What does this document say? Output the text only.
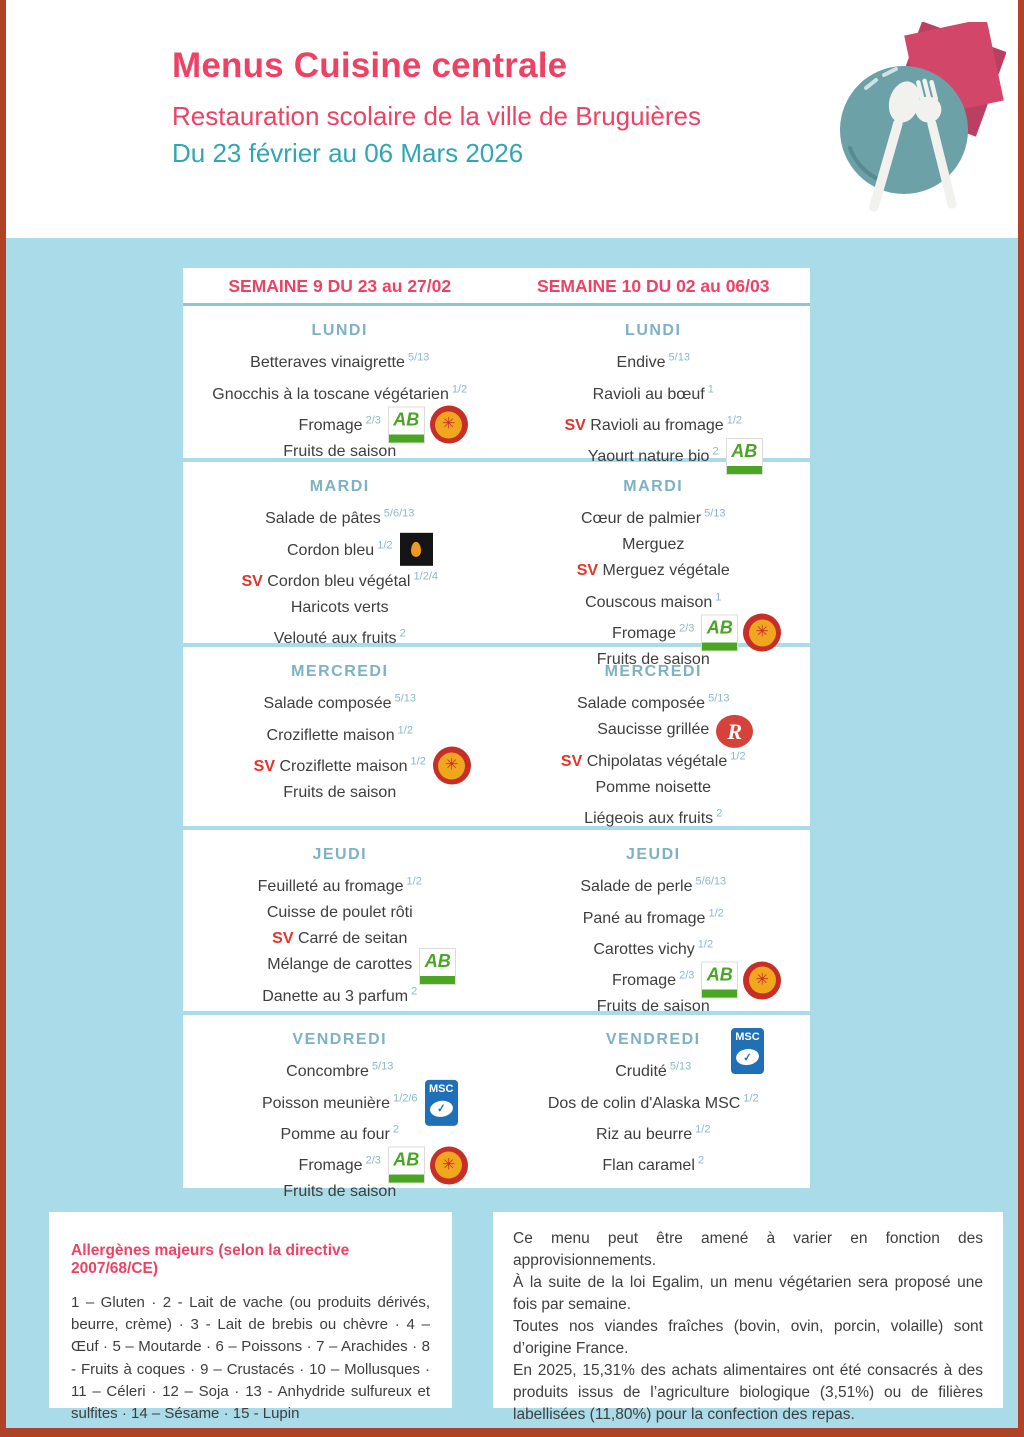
Menus Cuisine centrale
Restauration scolaire de la ville de Bruguières
Du 23 février au 06 Mars 2026
SEMAINE 9 DU 23 au 27/02	SEMAINE 10 DU 02 au 06/03
LUNDI
Betteraves vinaigrette $^{5/13}$
Gnocchis à la toscane végétarien $^{1/2}$
Fromage $^{2/3}$ AB	✳
Fruits de saison
LUNDI
Endive $^{5/13}$
Ravioli au bœuf $^1$
SV Ravioli au fromage $^{1/2}$
Yaourt nature bio $^2$ AB
MARDI
Salade de pâtes $^{5/6/13}$
Cordon bleu $^{1/2}$
SV Cordon bleu végétal $^{1/2/4}$
Haricots verts
Velouté aux fruits $^2$
MARDI
Cœur de palmier $^{5/13}$
Merguez
SV Merguez végétale
Couscous maison $^1$
Fromage $^{2/3}$ AB	✳
Fruits de saison
MERCREDI
Salade composée $^{5/13}$
Croziflette maison $^{1/2}$
SV Croziflette maison $^{1/2}$	✳
Fruits de saison
MERCREDI
Salade composée $^{5/13}$
Saucisse grillée R
SV Chipolatas végétale $^{1/2}$
Pomme noisette
Liégeois aux fruits $^2$
JEUDI
Feuilleté au fromage $^{1/2}$
Cuisse de poulet rôti
SV Carré de seitan
Mélange de carottes AB
Danette au 3 parfum $^2$
JEUDI
Salade de perle $^{5/6/13}$
Pané au fromage $^{1/2}$
Carottes vichy $^{1/2}$
Fromage $^{2/3}$ AB	✳
Fruits de saison
VENDREDI
Concombre $^{5/13}$
Poisson meunière $^{1/2/6}$
MSC
✓
Pomme au four $^2$
Fromage $^{2/3}$ AB	✳
Fruits de saison
VENDREDI	MSC
✓
Crudité $^{5/13}$
Dos de colin d'Alaska MSC $^{1/2}$
Riz au beurre $^{1/2}$
Flan caramel $^2$
Allergènes majeurs (selon la directive 2007/68/CE)
1 – Gluten · 2 - Lait de vache (ou produits dérivés, beurre, crème) · 3 - Lait de brebis ou chèvre · 4 – Œuf · 5 – Moutarde · 6 – Poissons · 7 – Arachides · 8 - Fruits à coques · 9 – Crustacés · 10 – Mollusques · 11 – Céleri · 12 – Soja · 13 - Anhydride sulfureux et sulfites · 14 – Sésame · 15 - Lupin

Ce menu peut être amené à varier en fonction des approvisionnements.

À la suite de la loi Egalim, un menu végétarien sera proposé une fois par semaine.

Toutes nos viandes fraîches (bovin, ovin, porcin, volaille) sont d’origine France.

En 2025, 15,31% des achats alimentaires ont été consacrés à des produits issus de l’agriculture biologique (3,51%) ou de filières labellisées (11,80%) pour la confection des repas.
